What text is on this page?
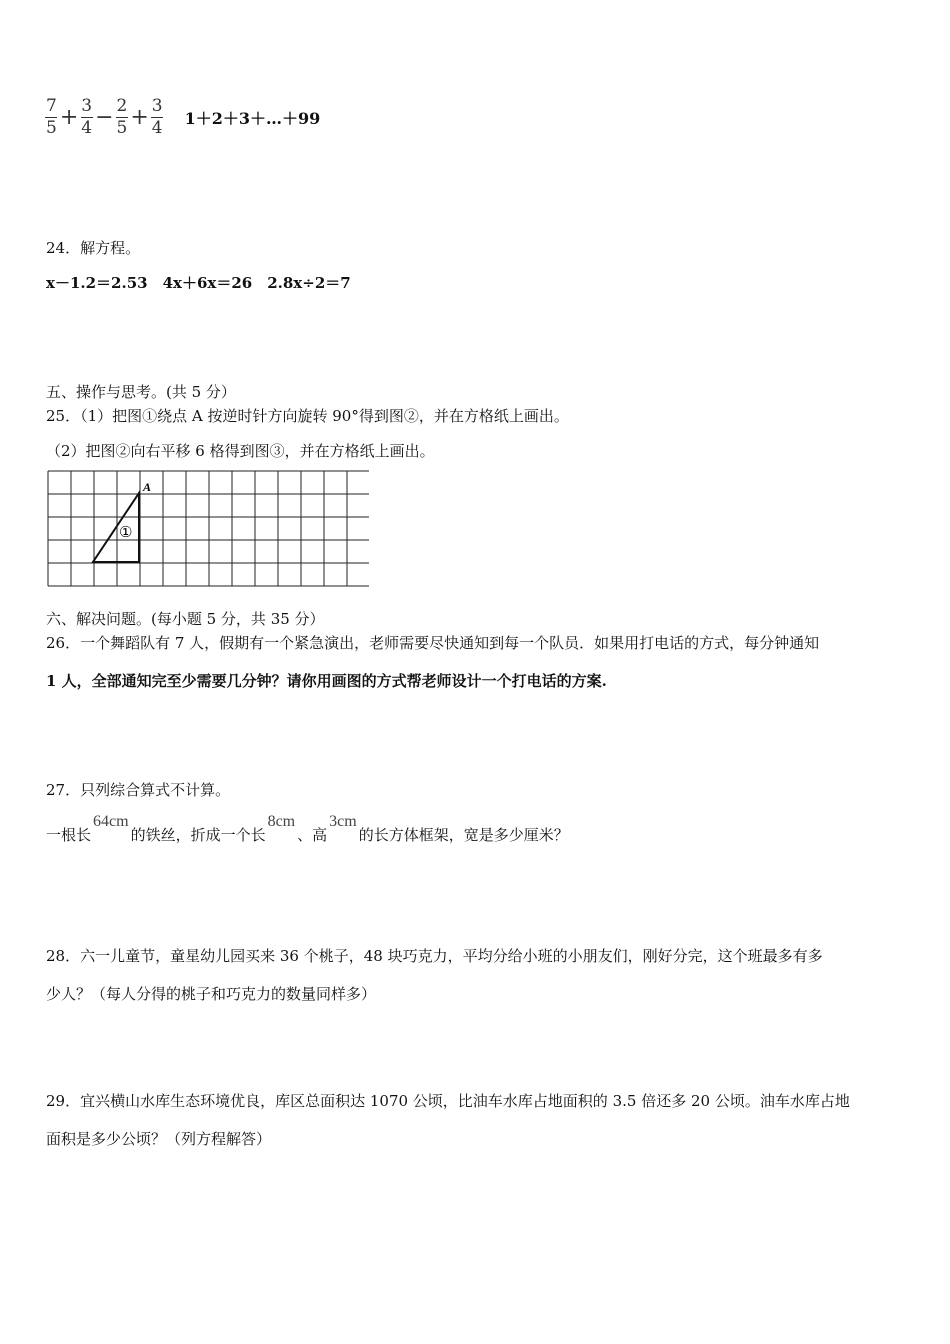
$\frac{7}{5} + \frac{3}{4} - \frac{2}{5} + \frac{3}{4}$ 1＋2＋3＋…＋99
24．解方程。
x－1.2＝2.53　4x＋6x＝26　2.8x÷2＝7
五、操作与思考。(共 5 分）
25．（1）把图①绕点 A 按逆时针方向旋转 90°得到图②，并在方格纸上画出。
（2）把图②向右平移 6 格得到图③，并在方格纸上画出。
A
①
六、解决问题。(每小题 5 分，共 35 分）
26．一个舞蹈队有 7 人，假期有一个紧急演出，老师需要尽快通知到每一个队员．如果用打电话的方式，每分钟通知
1 人，全部通知完至少需要几分钟？请你用画图的方式帮老师设计一个打电话的方案.
27．只列综合算式不计算。
一根长64cm的铁丝，折成一个长8cm、高3cm的长方体框架，宽是多少厘米？
28．六一儿童节，童星幼儿园买来 36 个桃子，48 块巧克力，平均分给小班的小朋友们，刚好分完，这个班最多有多
少人？（每人分得的桃子和巧克力的数量同样多）
29．宜兴横山水库生态环境优良，库区总面积达 1070 公顷，比油车水库占地面积的 3.5 倍还多 20 公顷。油车水库占地
面积是多少公顷？（列方程解答）
